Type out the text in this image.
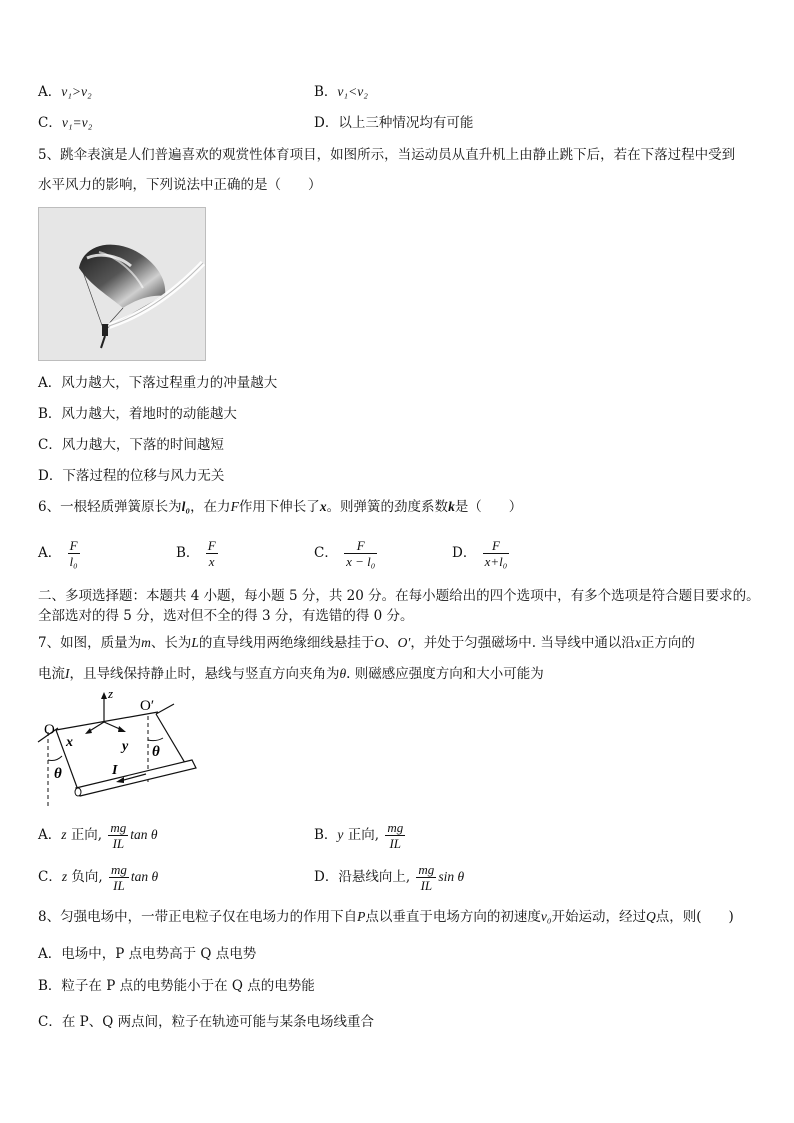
A．v₁>v₂	B．v₁<v₂
C．v₁=v₂	D．以上三种情况均有可能
5、跳伞表演是人们普遍喜欢的观赏性体育项目，如图所示，当运动员从直升机上由静止跳下后，若在下落过程中受到
水平风力的影响，下列说法中正确的是（　　）
A．风力越大，下落过程重力的冲量越大
B．风力越大，着地时的动能越大
C．风力越大，下落的时间越短
D．下落过程的位移与风力无关
6、一根轻质弹簧原长为l₀，在力F作用下伸长了x。则弹簧的劲度系数k是（　　）
A． $\frac{F}{\text{l₀}}$	B． $\frac{F}{x}$	C． $\frac{F}{\text{x − l₀}}$	D． $\frac{F}{\text{x+l₀}}$
二、多项选择题：本题共 4 小题，每小题 5 分，共 20 分。在每小题给出的四个选项中，有多个选项是符合题目要求的。
全部选对的得 5 分，选对但不全的得 3 分，有选错的得 0 分。
7、如图，质量为m、长为L的直导线用两绝缘细线悬挂于O、O′，并处于匀强磁场中. 当导线中通以沿x正方向的
电流I，且导线保持静止时，悬线与竖直方向夹角为θ. 则磁感应强度方向和大小可能为
O
O′
z
x	y
θ
θ
I
A．z 正向, $\frac{mg}{IL}$ tan θ	B．y 正向, $\frac{mg}{IL}$
C．z 负向, $\frac{mg}{IL}$ tan θ	D．沿悬线向上, $\frac{mg}{IL}$ sin θ
8、匀强电场中，一带正电粒子仅在电场力的作用下自P点以垂直于电场方向的初速度v₀开始运动，经过Q点，则(　　)
A．电场中，P 点电势高于 Q 点电势
B．粒子在 P 点的电势能小于在 Q 点的电势能
C．在 P、Q 两点间，粒子在轨迹可能与某条电场线重合
